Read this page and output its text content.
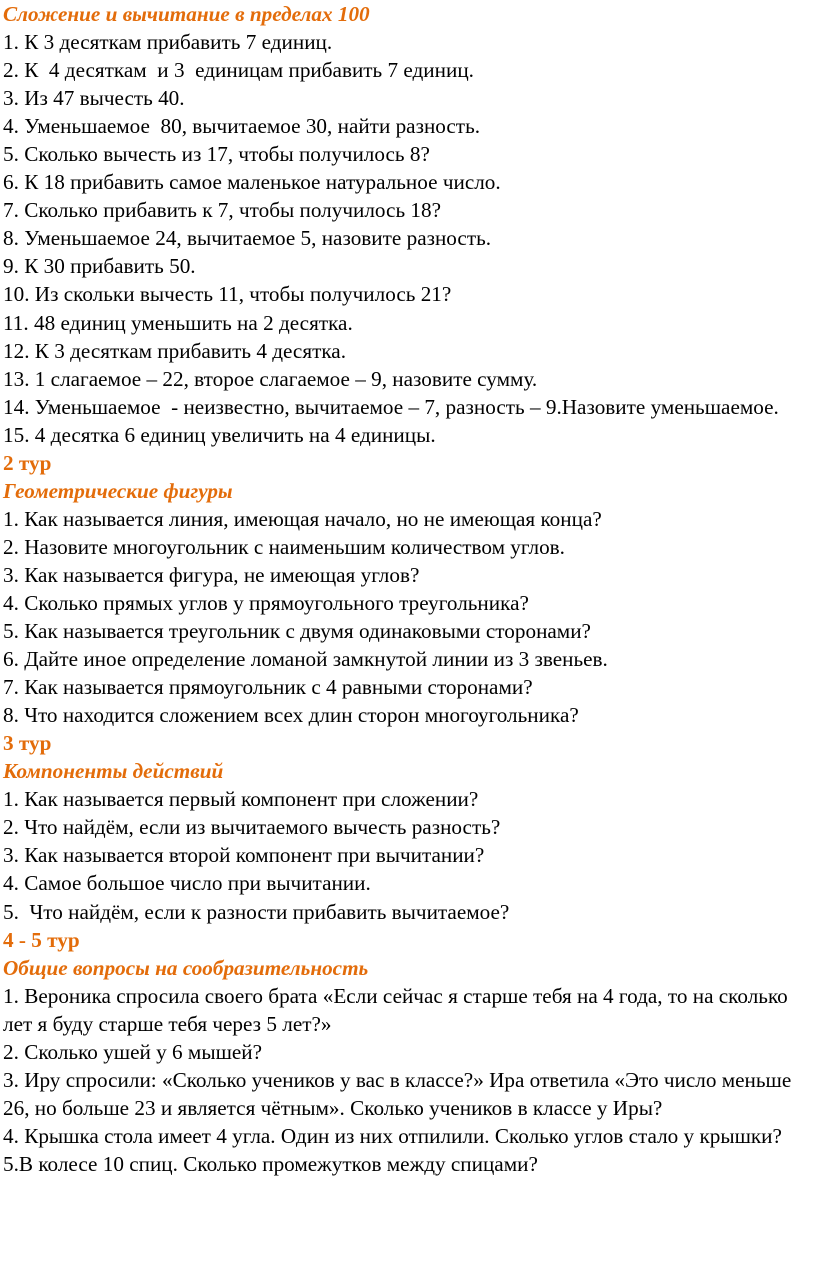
Сложение и вычитание в пределах 100
1. К 3 десяткам прибавить 7 единиц.
2. К  4 десяткам  и 3  единицам прибавить 7 единиц.
3. Из 47 вычесть 40.
4. Уменьшаемое  80, вычитаемое 30, найти разность.
5. Сколько вычесть из 17, чтобы получилось 8?
6. К 18 прибавить самое маленькое натуральное число.
7. Сколько прибавить к 7, чтобы получилось 18?
8. Уменьшаемое 24, вычитаемое 5, назовите разность.
9. К 30 прибавить 50.
10. Из скольки вычесть 11, чтобы получилось 21?
11. 48 единиц уменьшить на 2 десятка.
12. К 3 десяткам прибавить 4 десятка.
13. 1 слагаемое – 22, второе слагаемое – 9, назовите сумму.
14. Уменьшаемое  - неизвестно, вычитаемое – 7, разность – 9.Назовите уменьшаемое.
15. 4 десятка 6 единиц увеличить на 4 единицы.
2 тур
Геометрические фигуры
1. Как называется линия, имеющая начало, но не имеющая конца?
2. Назовите многоугольник с наименьшим количеством углов.
3. Как называется фигура, не имеющая углов?
4. Сколько прямых углов у прямоугольного треугольника?
5. Как называется треугольник с двумя одинаковыми сторонами?
6. Дайте иное определение ломаной замкнутой линии из 3 звеньев.
7. Как называется прямоугольник с 4 равными сторонами?
8. Что находится сложением всех длин сторон многоугольника?
3 тур
Компоненты действий
1. Как называется первый компонент при сложении?
2. Что найдём, если из вычитаемого вычесть разность?
3. Как называется второй компонент при вычитании?
4. Самое большое число при вычитании.
5.  Что найдём, если к разности прибавить вычитаемое?
4 - 5 тур
Общие вопросы на сообразительность
1. Вероника спросила своего брата «Если сейчас я старше тебя на 4 года, то на сколько лет я буду старше тебя через 5 лет?»
2. Сколько ушей у 6 мышей?
3. Иру спросили: «Сколько учеников у вас в классе?» Ира ответила «Это число меньше 26, но больше 23 и является чётным». Сколько учеников в классе у Иры?
4. Крышка стола имеет 4 угла. Один из них отпилили. Сколько углов стало у крышки?
5.В колесе 10 спиц. Сколько промежутков между спицами?
